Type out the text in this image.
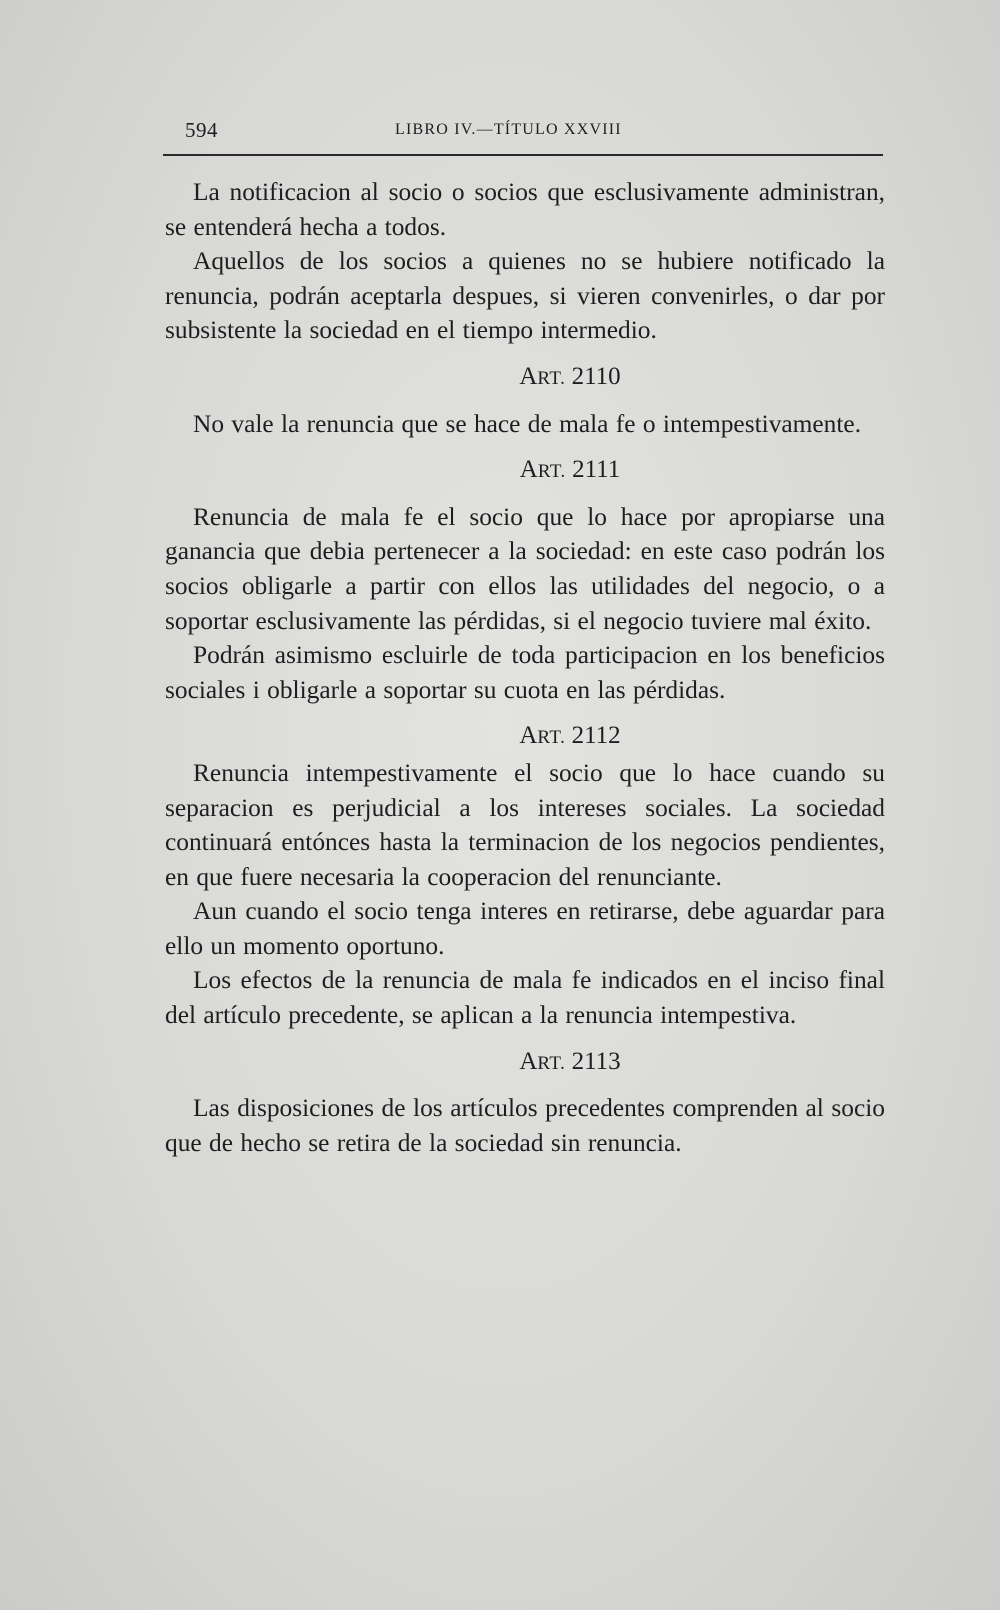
594	LIBRO IV.—TÍTULO XXVIII

La notificacion al socio o socios que esclusivamente administran, se entenderá hecha a todos.

Aquellos de los socios a quienes no se hubiere notificado la renuncia, podrán aceptarla despues, si vieren convenirles, o dar por subsistente la sociedad en el tiempo intermedio.

ART. 2110

No vale la renuncia que se hace de mala fe o intempestivamente.

ART. 2111

Renuncia de mala fe el socio que lo hace por apropiarse una ganancia que debia pertenecer a la sociedad: en este caso podrán los socios obligarle a partir con ellos las utilidades del negocio, o a soportar esclusivamente las pérdidas, si el negocio tuviere mal éxito.

Podrán asimismo escluirle de toda participacion en los beneficios sociales i obligarle a soportar su cuota en las pérdidas.

ART. 2112

Renuncia intempestivamente el socio que lo hace cuando su separacion es perjudicial a los intereses sociales. La sociedad continuará entónces hasta la terminacion de los negocios pendientes, en que fuere necesaria la cooperacion del renunciante.

Aun cuando el socio tenga interes en retirarse, debe aguardar para ello un momento oportuno.

Los efectos de la renuncia de mala fe indicados en el inciso final del artículo precedente, se aplican a la renuncia intempestiva.

ART. 2113

Las disposiciones de los artículos precedentes comprenden al socio que de hecho se retira de la sociedad sin renuncia.
